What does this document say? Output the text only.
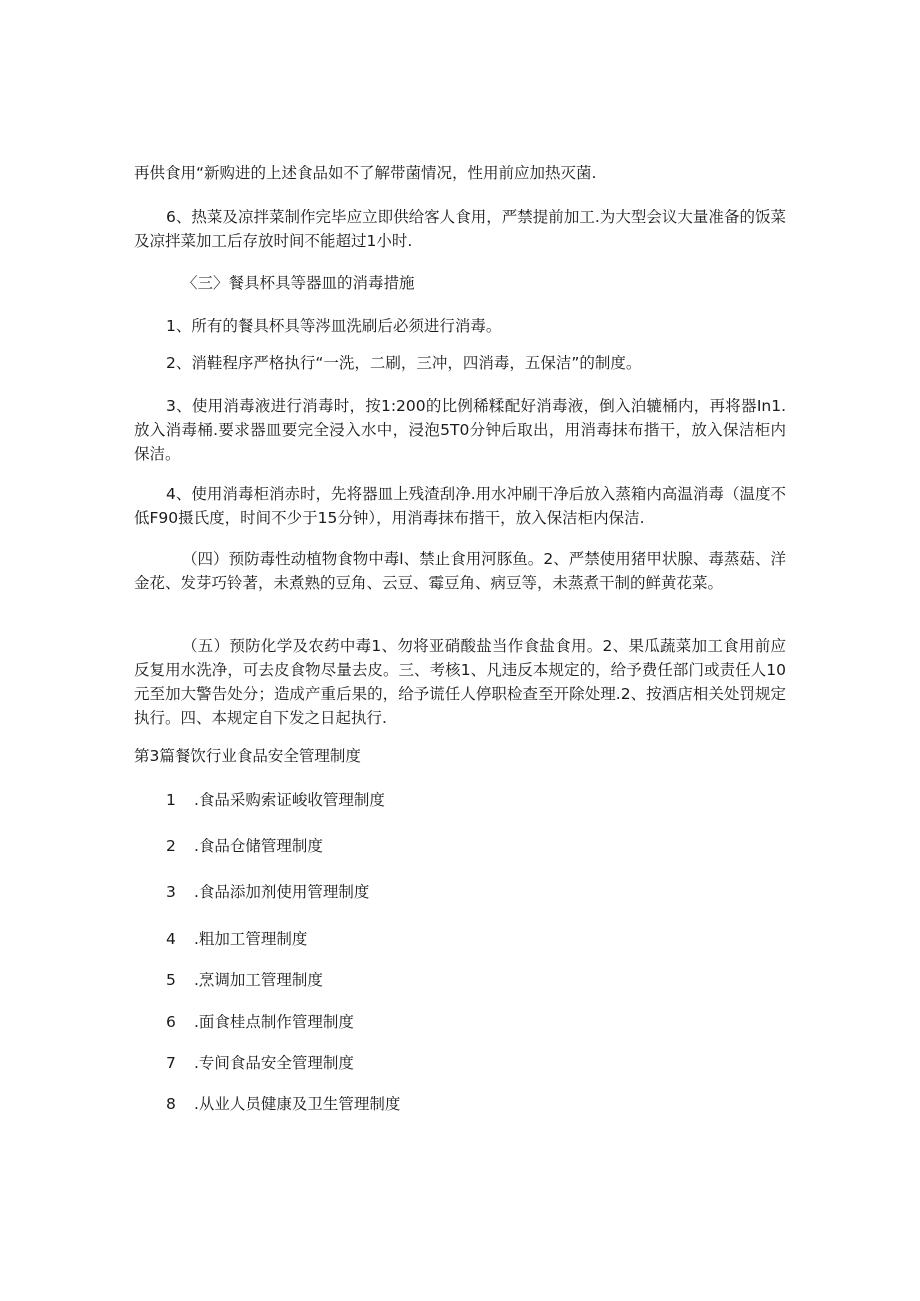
再供食用“新购进的上述食品如不了解带菌情况，性用前应加热灭菌.

6、热菜及凉拌菜制作完毕应立即供给客人食用，严禁提前加工.为大型会议大量准备的饭菜及凉拌菜加工后存放时间不能超过1小时.

〈三〉餐具杯具等器皿的消毒措施

1、所有的餐具杯具等涔皿洗刷后必须进行消毒。

2、消鞋程序严格执行“一洗，二刷，三冲，四消毒，五保洁”的制度。

3、使用消毒液进行消毒时，按1:200的比例稀糅配好消毒液，倒入泊辘桶内，再将器In1.放入消毒桶.要求器皿要完全浸入水中，浸泡5T0分钟后取出，用消毒抹布揩干，放入保洁柜内保洁。

4、使用消毒柜消赤时，先将器皿上残渣刮净.用水冲刷干净后放入蒸箱内高温消毒（温度不低F90摄氏度，时间不少于15分钟），用消毒抹布揩干，放入保洁柜内保洁.

（四）预防毒性动植物食物中毒l、禁止食用河豚鱼。2、严禁使用猪甲状腺、毒蒸菇、洋金花、发芽巧铃著，未煮熟的豆角、云豆、霉豆角、病豆等，未蒸煮干制的鲜黄花菜。

（五）预防化学及农药中毒1、勿将亚硝酸盐当作食盐食用。2、果瓜蔬菜加工食用前应反复用水洗净，可去皮食物尽量去皮。三、考核1、凡违反本规定的，给予费任部门或责任人10元至加大警告处分；造成产重后果的，给予谎任人停职检查至开除处理.2、按酒店相关处罚规定执行。四、本规定自下发之日起执行.

第3篇餐饮行业食品安全管理制度

1 .食品采购索证峻收管理制度

2 .食品仓储管理制度

3 .食品添加剂使用管理制度

4 .粗加工管理制度

5 .烹调加工管理制度

6 .面食桂点制作管理制度

7 .专间食品安全管理制度

8 .从业人员健康及卫生管理制度
